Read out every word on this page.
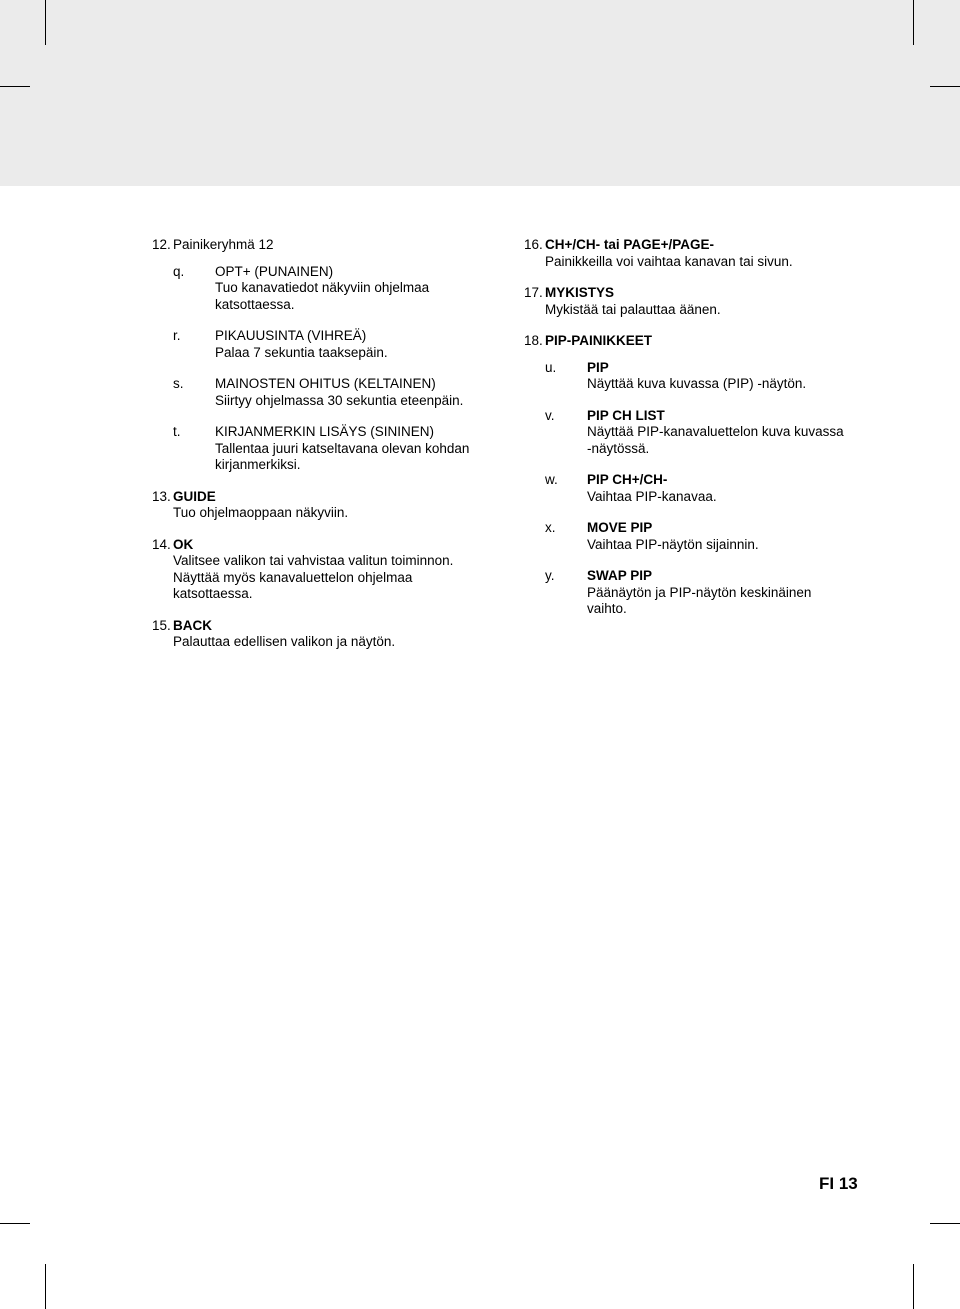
12. Painikeryhmä 12
q.	OPT+ (PUNAINEN)
Tuo kanavatiedot näkyviin ohjelmaa katsottaessa.
r.	PIKAUUSINTA (VIHREÄ)
Palaa 7 sekuntia taaksepäin.
s.	MAINOSTEN OHITUS (KELTAINEN)
Siirtyy ohjelmassa 30 sekuntia eteenpäin.
t.	KIRJANMERKIN LISÄYS (SININEN)
Tallentaa juuri katseltavana olevan kohdan kirjanmerkiksi.
13. GUIDE
Tuo ohjelmaoppaan näkyviin.
14. OK
Valitsee valikon tai vahvistaa valitun toiminnon. Näyttää myös kanavaluettelon ohjelmaa katsottaessa.
15. BACK
Palauttaa edellisen valikon ja näytön.
16. CH+/CH- tai PAGE+/PAGE-
Painikkeilla voi vaihtaa kanavan tai sivun.
17. MYKISTYS
Mykistää tai palauttaa äänen.
18. PIP-PAINIKKEET
u.	PIP
Näyttää kuva kuvassa (PIP) -näytön.
v.	PIP CH LIST
Näyttää PIP-kanavaluettelon kuva kuvassa -näytössä.
w.	PIP CH+/CH-
Vaihtaa PIP-kanavaa.
x.	MOVE PIP
Vaihtaa PIP-näytön sijainnin.
y.	SWAP PIP
Päänäytön ja PIP-näytön keskinäinen vaihto.
FI 13
